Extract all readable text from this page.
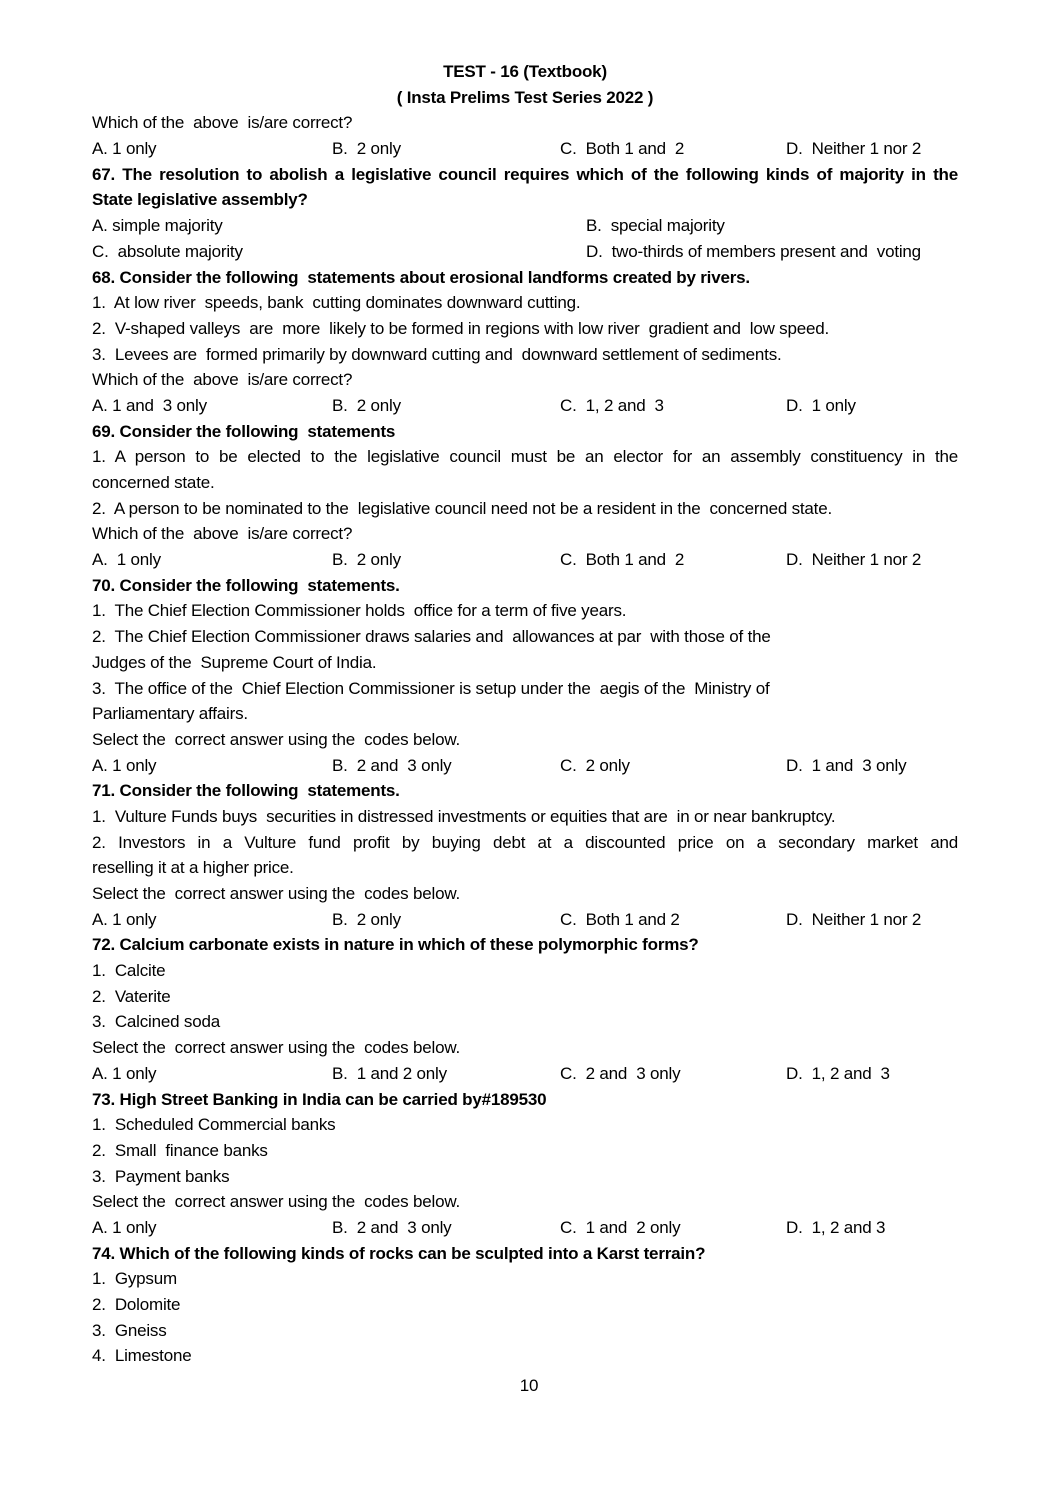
TEST - 16 (Textbook)
( Insta Prelims Test Series 2022 )
Which of the  above  is/are correct?
A. 1 only	B.  2 only	C.  Both 1 and  2	D.  Neither 1 nor 2
67. The resolution to abolish a legislative council requires which of the following kinds of majority in the
State legislative assembly?
A. simple majority	B.  special majority
C.  absolute majority	D.  two-thirds of members present and  voting
68. Consider the following  statements about erosional landforms created by rivers.
1.  At low river  speeds, bank  cutting dominates downward cutting.
2.  V-shaped valleys  are  more  likely to be formed in regions with low river  gradient and  low speed.
3.  Levees are  formed primarily by downward cutting and  downward settlement of sediments.
Which of the  above  is/are correct?
A. 1 and  3 only	B.  2 only	C.  1, 2 and  3	D.  1 only
69. Consider the following  statements
1. A person to be elected to the legislative council must be an elector for an assembly constituency in the
concerned state.
2.  A person to be nominated to the  legislative council need not be a resident in the  concerned state.
Which of the  above  is/are correct?
A.  1 only	B.  2 only	C.  Both 1 and  2	D.  Neither 1 nor 2
70. Consider the following  statements.
1.  The Chief Election Commissioner holds  office for a term of five years.
2.  The Chief Election Commissioner draws salaries and  allowances at par  with those of the
Judges of the  Supreme Court of India.
3.  The office of the  Chief Election Commissioner is setup under the  aegis of the  Ministry of
Parliamentary affairs.
Select the  correct answer using the  codes below.
A. 1 only	B.  2 and  3 only	C.  2 only	D.  1 and  3 only
71. Consider the following  statements.
1.  Vulture Funds buys  securities in distressed investments or equities that are  in or near bankruptcy.
2. Investors in a Vulture fund profit by buying debt at a discounted price on a secondary market and
reselling it at a higher price.
Select the  correct answer using the  codes below.
A. 1 only	B.  2 only	C.  Both 1 and 2	D.  Neither 1 nor 2
72. Calcium carbonate exists in nature in which of these polymorphic forms?
1.  Calcite
2.  Vaterite
3.  Calcined soda
Select the  correct answer using the  codes below.
A. 1 only	B.  1 and 2 only	C.  2 and  3 only	D.  1, 2 and  3
73. High Street Banking in India can be carried by#189530
1.  Scheduled Commercial banks
2.  Small  finance banks
3.  Payment banks
Select the  correct answer using the  codes below.
A. 1 only	B.  2 and  3 only	C.  1 and  2 only	D.  1, 2 and 3
74. Which of the following kinds of rocks can be sculpted into a Karst terrain?
1.  Gypsum
2.  Dolomite
3.  Gneiss
4.  Limestone
10
